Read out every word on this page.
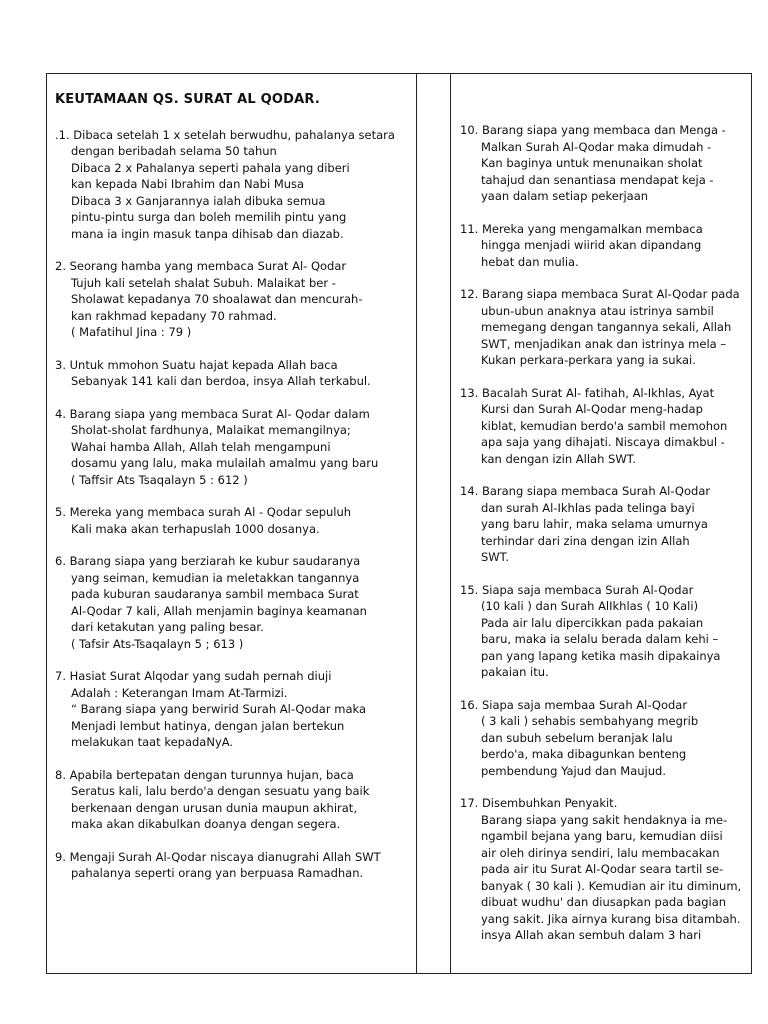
KEUTAMAAN QS. SURAT AL QODAR.
.1. Dibaca setelah 1 x setelah berwudhu, pahalanya setara
dengan beribadah selama 50 tahun
Dibaca 2 x Pahalanya seperti pahala yang diberi
kan kepada Nabi Ibrahim dan Nabi Musa
Dibaca 3 x Ganjarannya ialah dibuka semua
pintu-pintu surga dan boleh memilih pintu yang
mana ia ingin masuk tanpa dihisab dan diazab.
2. Seorang hamba yang membaca Surat Al- Qodar
Tujuh kali setelah shalat Subuh. Malaikat ber -
Sholawat kepadanya 70 shoalawat dan mencurah-
kan rakhmad kepadany 70 rahmad.
( Mafatihul Jina : 79 )
3. Untuk mmohon Suatu hajat kepada Allah baca
Sebanyak 141 kali dan berdoa, insya Allah terkabul.
4. Barang siapa yang membaca Surat Al- Qodar dalam
Sholat-sholat fardhunya, Malaikat memangilnya;
Wahai hamba Allah, Allah telah mengampuni
dosamu yang lalu, maka mulailah amalmu yang baru
( Taffsir Ats Tsaqalayn 5 : 612 )
5. Mereka yang membaca surah Al - Qodar sepuluh
Kali maka akan terhapuslah 1000 dosanya.
6. Barang siapa yang berziarah ke kubur saudaranya
yang seiman, kemudian ia meletakkan tangannya
pada kuburan saudaranya sambil membaca Surat
Al-Qodar 7 kali, Allah menjamin baginya keamanan
dari ketakutan yang paling besar.
( Tafsir Ats-Tsaqalayn 5 ; 613 )
7. Hasiat Surat Alqodar yang sudah pernah diuji
Adalah : Keterangan Imam At-Tarmizi.
“ Barang siapa yang berwirid Surah Al-Qodar maka
Menjadi lembut hatinya, dengan jalan bertekun
melakukan taat kepadaNyA.
8. Apabila bertepatan dengan turunnya hujan, baca
Seratus kali, lalu berdo'a dengan sesuatu yang baik
berkenaan dengan urusan dunia maupun akhirat,
maka akan dikabulkan doanya dengan segera.
9. Mengaji Surah Al-Qodar niscaya dianugrahi Allah SWT
pahalanya seperti orang yan berpuasa Ramadhan.
10. Barang siapa yang membaca dan Menga -
Malkan Surah Al-Qodar maka dimudah -
Kan baginya untuk menunaikan sholat
tahajud dan senantiasa mendapat keja -
yaan dalam setiap pekerjaan
11. Mereka yang mengamalkan membaca
hingga menjadi wiirid akan dipandang
hebat dan mulia.
12. Barang siapa membaca Surat Al-Qodar pada
ubun-ubun anaknya atau istrinya sambil
memegang dengan tangannya sekali, Allah
SWT, menjadikan anak dan istrinya mela –
Kukan perkara-perkara yang ia sukai.
13. Bacalah Surat Al- fatihah, Al-Ikhlas, Ayat
Kursi dan Surah Al-Qodar meng-hadap
kiblat, kemudian berdo'a sambil memohon
apa saja yang dihajati. Niscaya dimakbul -
kan dengan izin Allah SWT.
14. Barang siapa membaca Surah Al-Qodar
dan surah Al-Ikhlas pada telinga bayi
yang baru lahir, maka selama umurnya
terhindar dari zina dengan izin Allah
SWT.
15. Siapa saja membaca Surah Al-Qodar
(10 kali ) dan Surah AlIkhlas ( 10 Kali)
Pada air lalu dipercikkan pada pakaian
baru, maka ia selalu berada dalam kehi –
pan yang lapang ketika masih dipakainya
pakaian itu.
16. Siapa saja membaa Surah Al-Qodar
( 3 kali ) sehabis sembahyang megrib
dan subuh sebelum beranjak lalu
berdo'a, maka dibagunkan benteng
pembendung Yajud dan Maujud.
17. Disembuhkan Penyakit.
Barang siapa yang sakit hendaknya ia me-
ngambil bejana yang baru, kemudian diisi
air oleh dirinya sendiri, lalu membacakan
pada air itu Surat Al-Qodar seara tartil se-
banyak ( 30 kali ). Kemudian air itu diminum,
dibuat wudhu' dan diusapkan pada bagian
yang sakit. Jika airnya kurang bisa ditambah.
insya Allah akan sembuh dalam 3 hari
